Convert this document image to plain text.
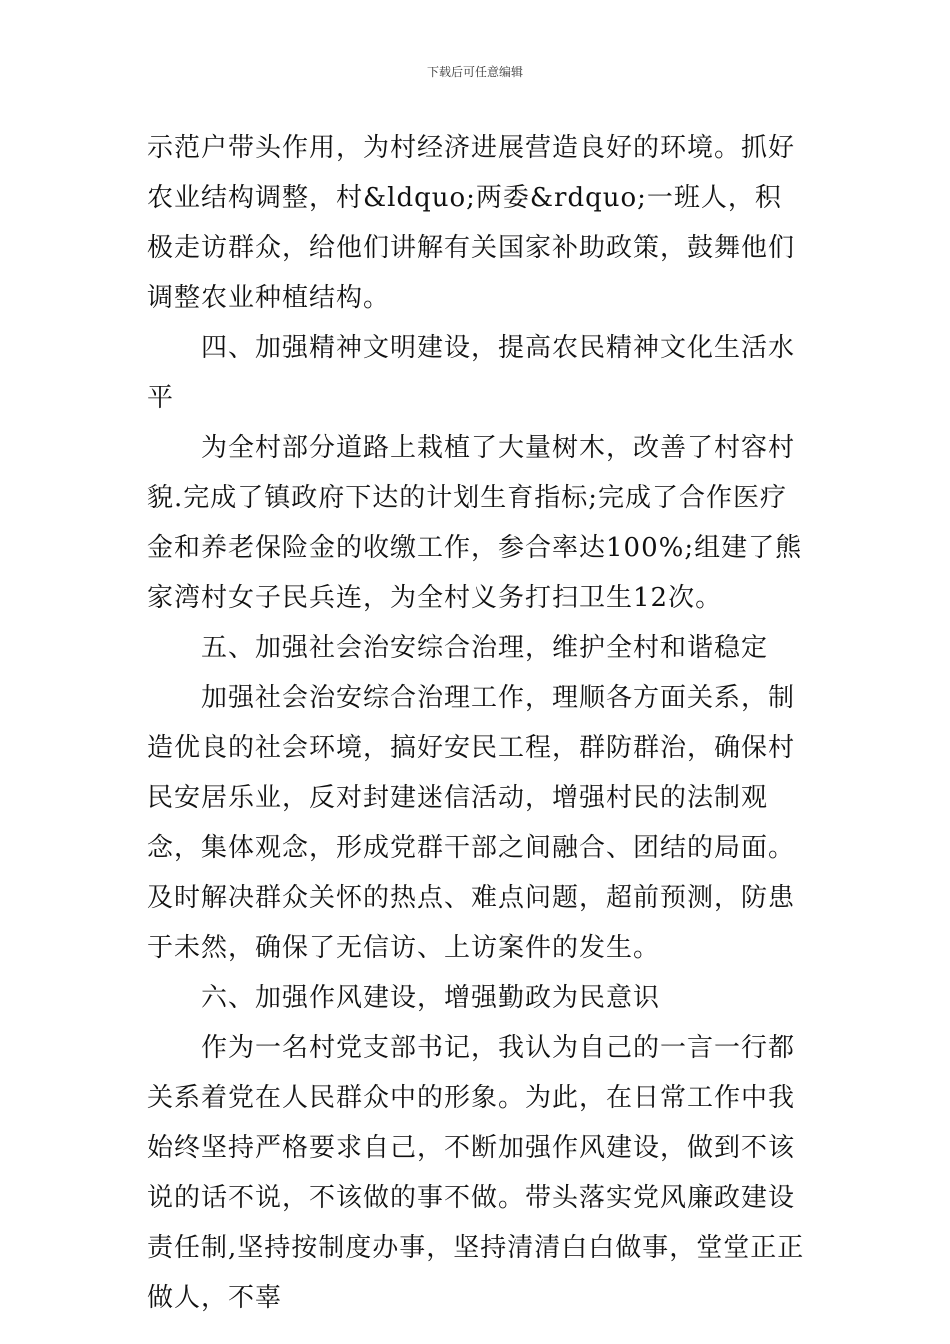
下载后可任意编辑

示范户带头作用，为村经济进展营造良好的环境。抓好农业结构调整，村&ldquo;两委&rdquo;一班人，积极走访群众，给他们讲解有关国家补助政策，鼓舞他们调整农业种植结构。

四、加强精神文明建设，提高农民精神文化生活水平

为全村部分道路上栽植了大量树木，改善了村容村貌.完成了镇政府下达的计划生育指标;完成了合作医疗金和养老保险金的收缴工作，参合率达100%;组建了熊家湾村女子民兵连，为全村义务打扫卫生12次。

五、加强社会治安综合治理，维护全村和谐稳定

加强社会治安综合治理工作，理顺各方面关系，制造优良的社会环境，搞好安民工程，群防群治，确保村民安居乐业，反对封建迷信活动，增强村民的法制观念，集体观念，形成党群干部之间融合、团结的局面。及时解决群众关怀的热点、难点问题，超前预测，防患于未然，确保了无信访、上访案件的发生。

六、加强作风建设，增强勤政为民意识

作为一名村党支部书记，我认为自己的一言一行都关系着党在人民群众中的形象。为此，在日常工作中我始终坚持严格要求自己，不断加强作风建设，做到不该说的话不说，不该做的事不做。带头落实党风廉政建设责任制,坚持按制度办事，坚持清清白白做事，堂堂正正做人，不辜
